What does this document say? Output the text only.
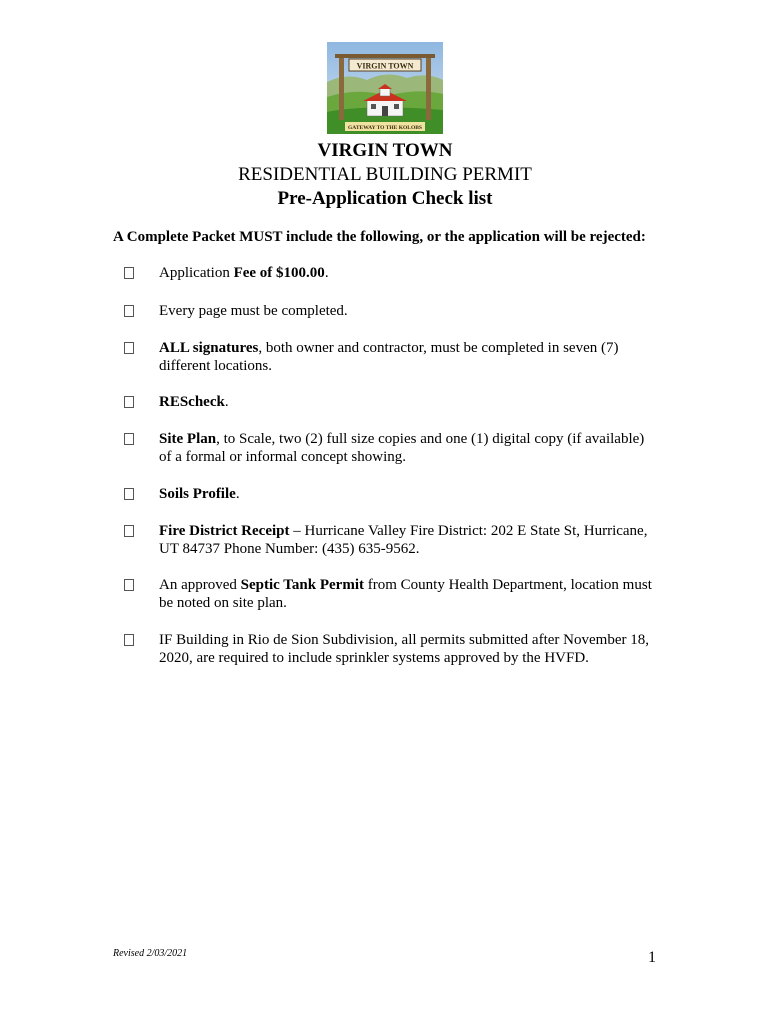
VIRGIN TOWN
GATEWAY TO THE KOLOBS
VIRGIN TOWN
RESIDENTIAL BUILDING PERMIT
Pre-Application Check list
A Complete Packet MUST include the following, or the application will be rejected:
Application Fee of $100.00.
Every page must be completed.
ALL signatures, both owner and contractor, must be completed in seven (7)
different locations.
REScheck.
Site Plan, to Scale, two (2) full size copies and one (1) digital copy (if available)
of a formal or informal concept showing.
Soils Profile.
Fire District Receipt – Hurricane Valley Fire District: 202 E State St, Hurricane,
UT 84737 Phone Number: (435) 635-9562.
An approved Septic Tank Permit from County Health Department, location must
be noted on site plan.
IF Building in Rio de Sion Subdivision, all permits submitted after November 18,
2020, are required to include sprinkler systems approved by the HVFD.
Revised 2/03/2021	1
